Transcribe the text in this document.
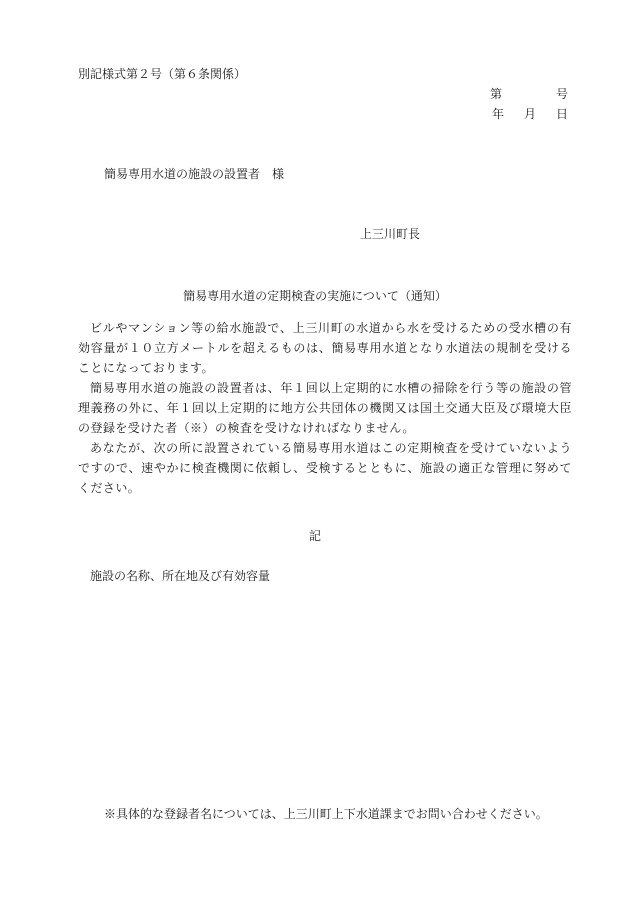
別記様式第２号（第６条関係）
第	号
年 月 日
簡易専用水道の施設の設置者 様
上三川町長
簡易専用水道の定期検査の実施について（通知）

ビルやマンション等の給水施設で、上三川町の水道から水を受けるための受水槽の有効容量が１０立方メートルを超えるものは、簡易専用水道となり水道法の規制を受けることになっております。

簡易専用水道の施設の設置者は、年１回以上定期的に水槽の掃除を行う等の施設の管理義務の外に、年１回以上定期的に地方公共団体の機関又は国土交通大臣及び環境大臣の登録を受けた者（※）の検査を受けなければなりません。

あなたが、次の所に設置されている簡易専用水道はこの定期検査を受けていないようですので、速やかに検査機関に依頼し、受検するとともに、施設の適正な管理に努めてください。

記
施設の名称、所在地及び有効容量
※具体的な登録者名については、上三川町上下水道課までお問い合わせください。
